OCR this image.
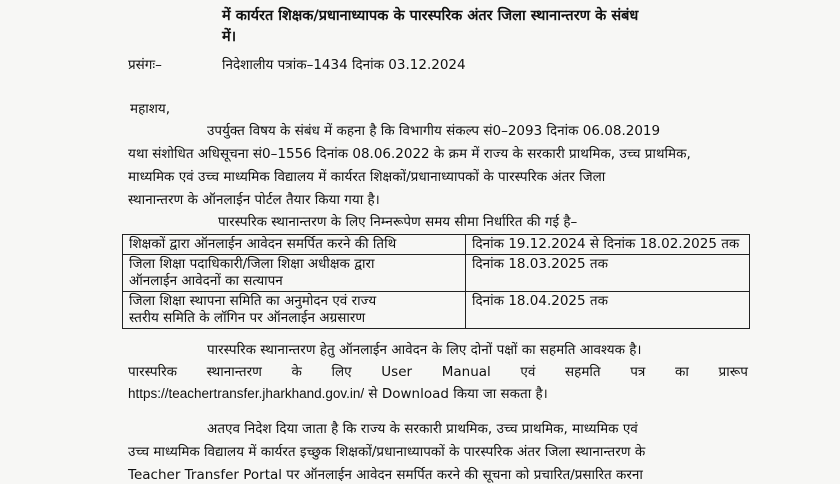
में कार्यरत शिक्षक/प्रधानाध्यापक के पारस्परिक अंतर जिला स्थानान्तरण के संबंध
में।
प्रसंगः–	निदेशालीय पत्रांक–1434 दिनांक 03.12.2024
महाशय,
उपर्युक्त विषय के संबंध में कहना है कि विभागीय संकल्प सं0–2093 दिनांक 06.08.2019
यथा संशोधित अधिसूचना सं0–1556 दिनांक 08.06.2022 के क्रम में राज्य के सरकारी प्राथमिक, उच्च प्राथमिक,
माध्यमिक एवं उच्च माध्यमिक विद्यालय में कार्यरत शिक्षकों/प्रधानाध्यापकों के पारस्परिक अंतर जिला
स्थानान्तरण के ऑनलाईन पोर्टल तैयार किया गया है।
पारस्परिक स्थानान्तरण के लिए निम्नरूपेण समय सीमा निर्धारित की गई है–
शिक्षकों द्वारा ऑनलाईन आवेदन समर्पित करने की तिथि	दिनांक 19.12.2024 से दिनांक 18.02.2025 तक

जिला शिक्षा पदाधिकारी/जिला शिक्षा अधीक्षक द्वारा
ऑनलाईन आवेदनों का सत्यापन	दिनांक 18.03.2025 तक

जिला शिक्षा स्थापना समिति का अनुमोदन एवं राज्य
स्तरीय समिति के लॉगिन पर ऑनलाईन अग्रसारण	दिनांक 18.04.2025 तक
पारस्परिक स्थानान्तरण हेतु ऑनलाईन आवेदन के लिए दोनों पक्षों का सहमति आवश्यक है।
पारस्परिक स्थानान्तरण के लिए User Manual एवं सहमति पत्र का प्रारूप
https://teachertransfer.jharkhand.gov.in/ से Download किया जा सकता है।
अतएव निदेश दिया जाता है कि राज्य के सरकारी प्राथमिक, उच्च प्राथमिक, माध्यमिक एवं
उच्च माध्यमिक विद्यालय में कार्यरत इच्छुक शिक्षकों/प्रधानाध्यापकों के पारस्परिक अंतर जिला स्थानान्तरण के
Teacher Transfer Portal पर ऑनलाईन आवेदन समर्पित करने की सूचना को प्रचारित/प्रसारित करना
